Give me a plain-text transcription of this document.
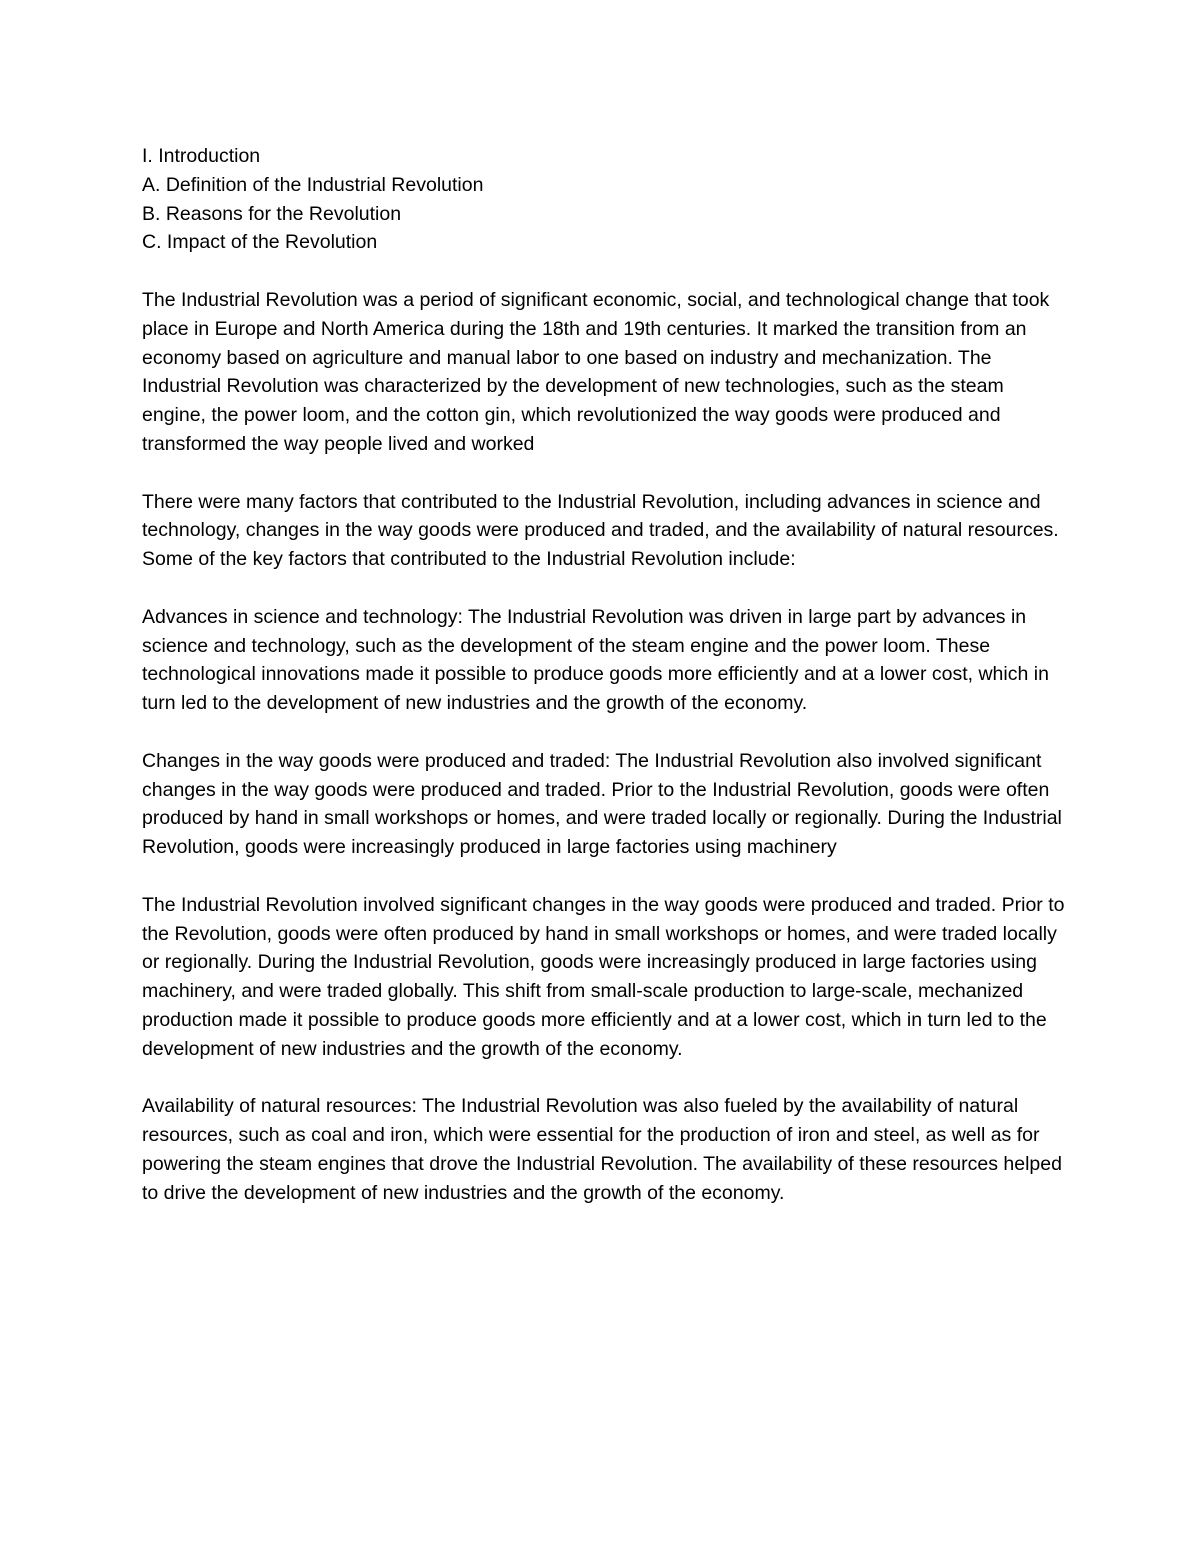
I. Introduction

A. Definition of the Industrial Revolution

B. Reasons for the Revolution

C. Impact of the Revolution

The Industrial Revolution was a period of significant economic, social, and technological change that took place in Europe and North America during the 18th and 19th centuries. It marked the transition from an economy based on agriculture and manual labor to one based on industry and mechanization. The Industrial Revolution was characterized by the development of new technologies, such as the steam engine, the power loom, and the cotton gin, which revolutionized the way goods were produced and transformed the way people lived and worked

There were many factors that contributed to the Industrial Revolution, including advances in science and technology, changes in the way goods were produced and traded, and the availability of natural resources. Some of the key factors that contributed to the Industrial Revolution include:

Advances in science and technology: The Industrial Revolution was driven in large part by advances in science and technology, such as the development of the steam engine and the power loom. These technological innovations made it possible to produce goods more efficiently and at a lower cost, which in turn led to the development of new industries and the growth of the economy.

Changes in the way goods were produced and traded: The Industrial Revolution also involved significant changes in the way goods were produced and traded. Prior to the Industrial Revolution, goods were often produced by hand in small workshops or homes, and were traded locally or regionally. During the Industrial Revolution, goods were increasingly produced in large factories using machinery

The Industrial Revolution involved significant changes in the way goods were produced and traded. Prior to the Revolution, goods were often produced by hand in small workshops or homes, and were traded locally or regionally. During the Industrial Revolution, goods were increasingly produced in large factories using machinery, and were traded globally. This shift from small-scale production to large-scale, mechanized production made it possible to produce goods more efficiently and at a lower cost, which in turn led to the development of new industries and the growth of the economy.

Availability of natural resources: The Industrial Revolution was also fueled by the availability of natural resources, such as coal and iron, which were essential for the production of iron and steel, as well as for powering the steam engines that drove the Industrial Revolution. The availability of these resources helped to drive the development of new industries and the growth of the economy.
